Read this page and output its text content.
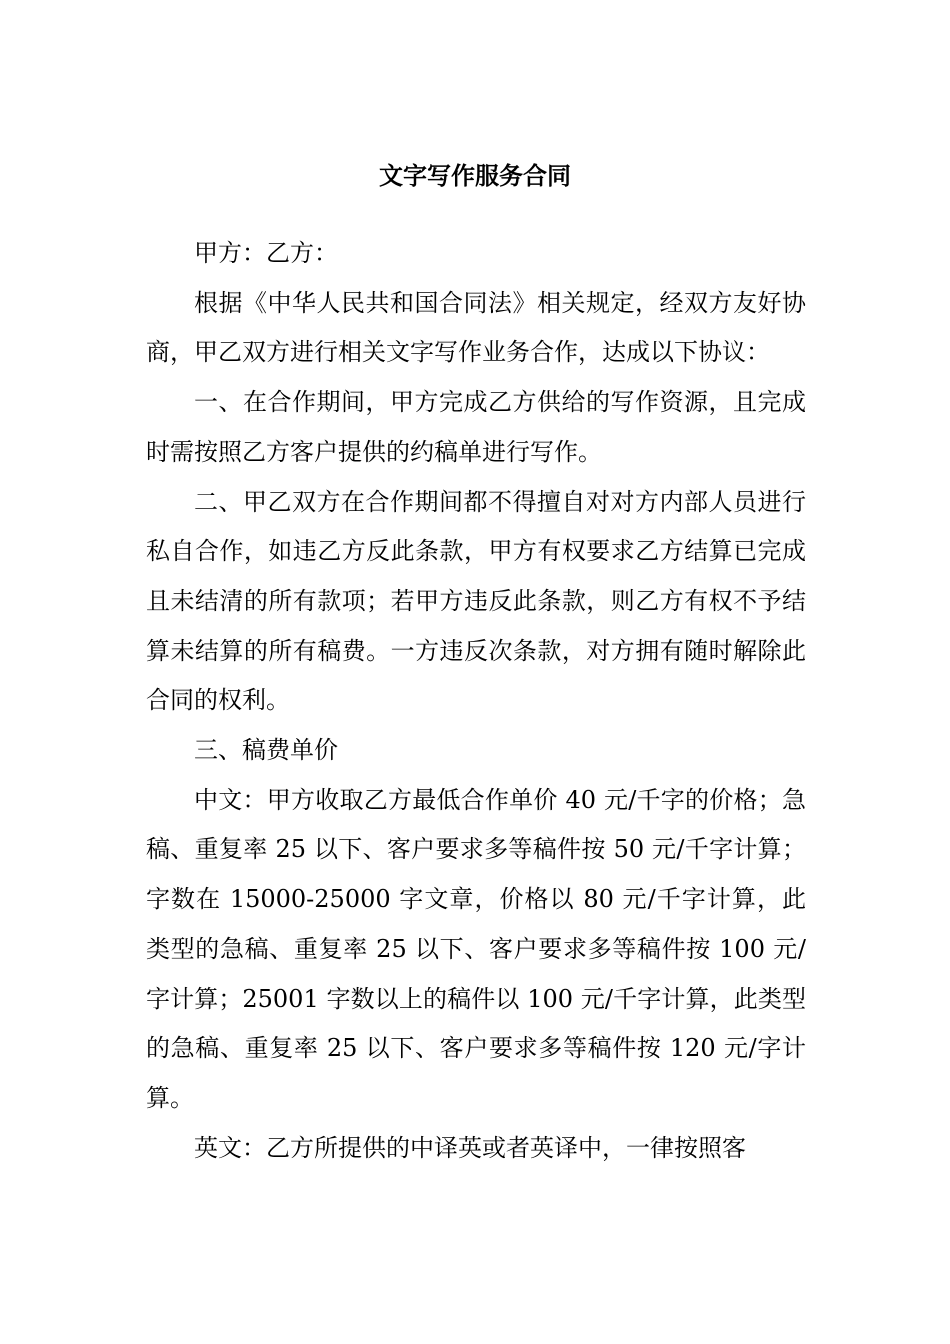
文字写作服务合同

甲方：乙方：

根据《中华人民共和国合同法》相关规定，经双方友好协商，甲乙双方进行相关文字写作业务合作，达成以下协议：

一、在合作期间，甲方完成乙方供给的写作资源，且完成时需按照乙方客户提供的约稿单进行写作。

二、甲乙双方在合作期间都不得擅自对对方内部人员进行私自合作，如违乙方反此条款，甲方有权要求乙方结算已完成且未结清的所有款项；若甲方违反此条款，则乙方有权不予结算未结算的所有稿费。一方违反次条款，对方拥有随时解除此合同的权利。

三、稿费单价

中文：甲方收取乙方最低合作单价 40 元/千字的价格；急稿、重复率 25 以下、客户要求多等稿件按 50 元/千字计算；字数在 15000-25000 字文章，价格以 80 元/千字计算，此类型的急稿、重复率 25 以下、客户要求多等稿件按 100 元/字计算；25001 字数以上的稿件以 100 元/千字计算，此类型的急稿、重复率 25 以下、客户要求多等稿件按 120 元/字计算。

英文：乙方所提供的中译英或者英译中，一律按照客
